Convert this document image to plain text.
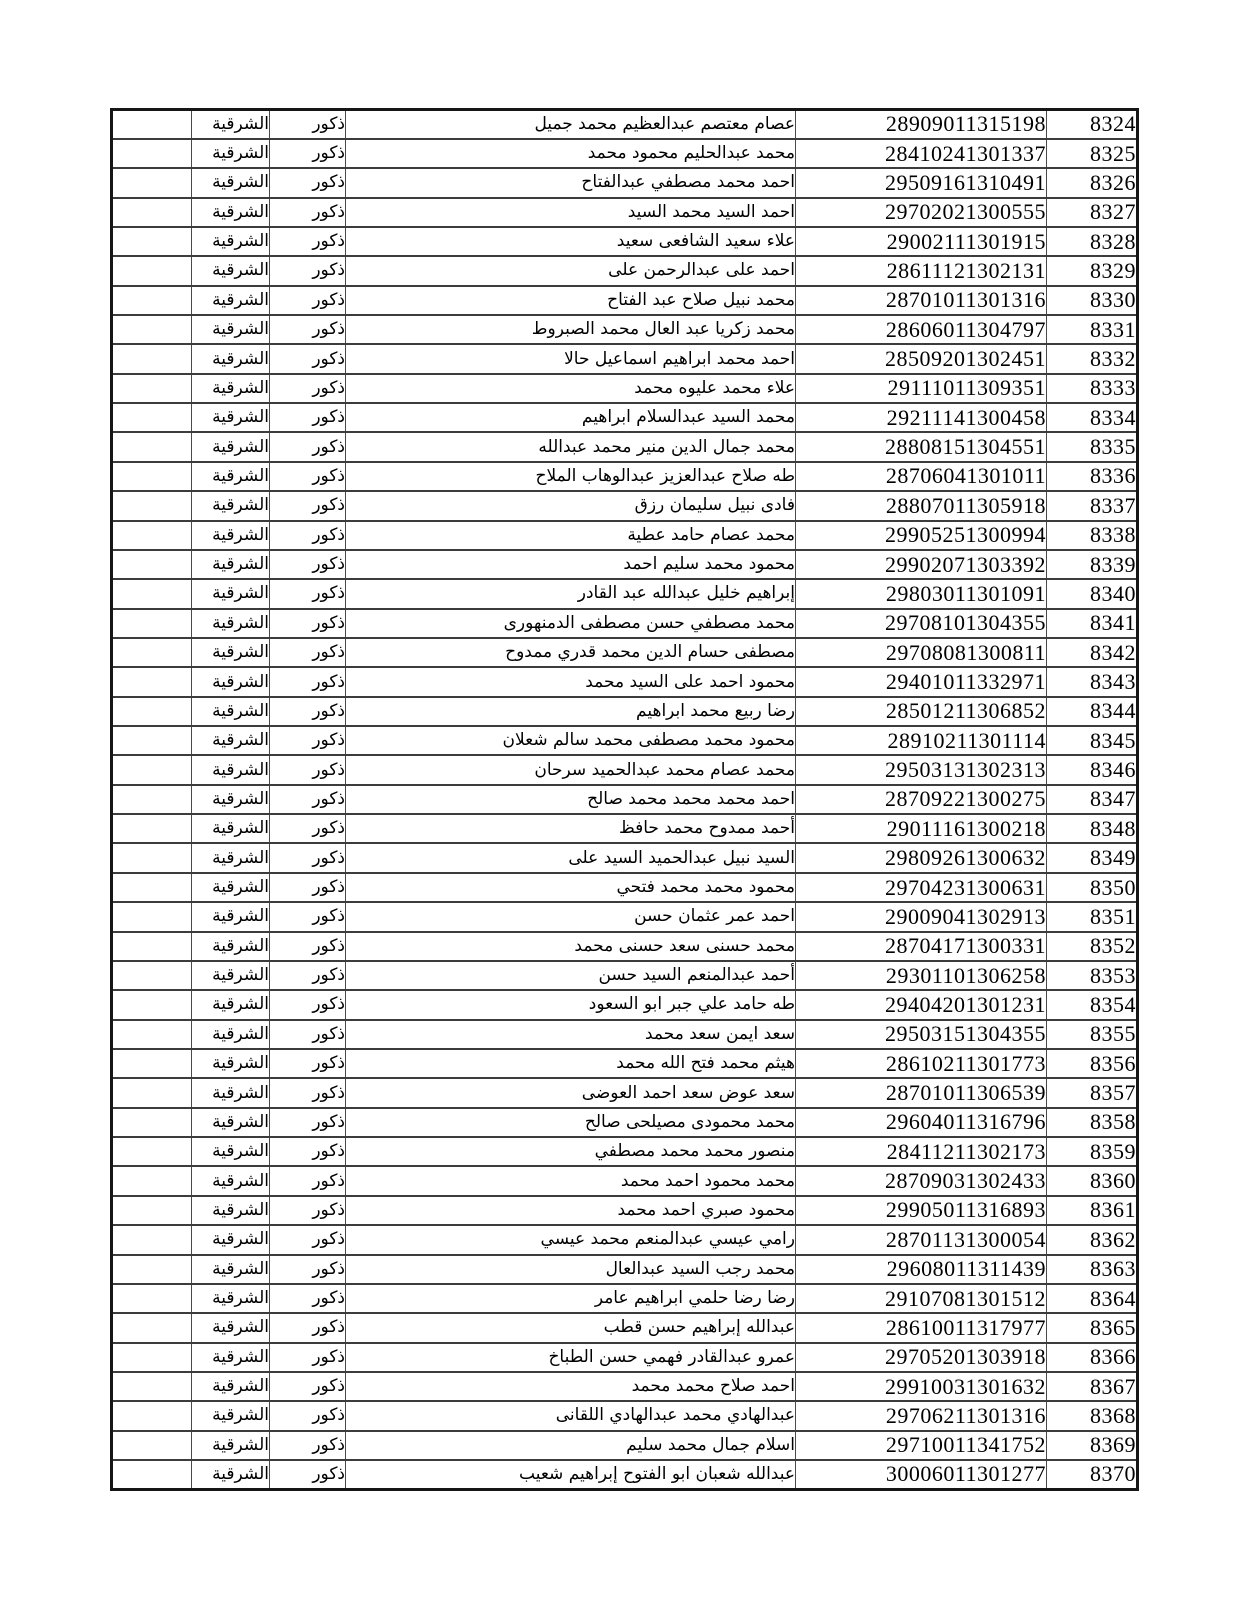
	الشرقية	ذكور	عصام معتصم عبدالعظيم محمد جميل	28909011315198	8324
	الشرقية	ذكور	محمد عبدالحليم محمود محمد	28410241301337	8325
	الشرقية	ذكور	احمد محمد مصطفي عبدالفتاح	29509161310491	8326
	الشرقية	ذكور	احمد السيد محمد السيد	29702021300555	8327
	الشرقية	ذكور	علاء سعيد الشافعى سعيد	29002111301915	8328
	الشرقية	ذكور	احمد على عبدالرحمن على	28611121302131	8329
	الشرقية	ذكور	محمد نبيل صلاح عبد الفتاح	28701011301316	8330
	الشرقية	ذكور	محمد زكريا عبد العال محمد الصبروط	28606011304797	8331
	الشرقية	ذكور	احمد محمد ابراهيم اسماعيل حالا	28509201302451	8332
	الشرقية	ذكور	علاء محمد عليوه محمد	29111011309351	8333
	الشرقية	ذكور	محمد السيد عبدالسلام ابراهيم	29211141300458	8334
	الشرقية	ذكور	محمد جمال الدين منير محمد عبدالله	28808151304551	8335
	الشرقية	ذكور	طه صلاح عبدالعزيز عبدالوهاب الملاح	28706041301011	8336
	الشرقية	ذكور	فادى نبيل سليمان رزق	28807011305918	8337
	الشرقية	ذكور	محمد عصام حامد عطية	29905251300994	8338
	الشرقية	ذكور	محمود محمد سليم احمد	29902071303392	8339
	الشرقية	ذكور	إبراهيم خليل عبدالله عبد القادر	29803011301091	8340
	الشرقية	ذكور	محمد مصطفي حسن مصطفى الدمنهورى	29708101304355	8341
	الشرقية	ذكور	مصطفى حسام الدين محمد قدري ممدوح	29708081300811	8342
	الشرقية	ذكور	محمود احمد على السيد محمد	29401011332971	8343
	الشرقية	ذكور	رضا ربيع محمد ابراهيم	28501211306852	8344
	الشرقية	ذكور	محمود محمد مصطفى محمد سالم شعلان	28910211301114	8345
	الشرقية	ذكور	محمد عصام محمد عبدالحميد سرحان	29503131302313	8346
	الشرقية	ذكور	احمد محمد محمد محمد صالح	28709221300275	8347
	الشرقية	ذكور	أحمد ممدوح محمد حافظ	29011161300218	8348
	الشرقية	ذكور	السيد نبيل عبدالحميد السيد على	29809261300632	8349
	الشرقية	ذكور	محمود محمد محمد فتحي	29704231300631	8350
	الشرقية	ذكور	احمد عمر عثمان حسن	29009041302913	8351
	الشرقية	ذكور	محمد حسنى سعد حسنى محمد	28704171300331	8352
	الشرقية	ذكور	أحمد عبدالمنعم السيد حسن	29301101306258	8353
	الشرقية	ذكور	طه حامد علي جبر ابو السعود	29404201301231	8354
	الشرقية	ذكور	سعد ايمن سعد محمد	29503151304355	8355
	الشرقية	ذكور	هيثم محمد فتح الله محمد	28610211301773	8356
	الشرقية	ذكور	سعد عوض سعد احمد العوضى	28701011306539	8357
	الشرقية	ذكور	محمد محمودى مصيلحى صالح	29604011316796	8358
	الشرقية	ذكور	منصور محمد محمد مصطفي	28411211302173	8359
	الشرقية	ذكور	محمد محمود احمد محمد	28709031302433	8360
	الشرقية	ذكور	محمود صبري احمد محمد	29905011316893	8361
	الشرقية	ذكور	رامي عيسي عبدالمنعم محمد عيسي	28701131300054	8362
	الشرقية	ذكور	محمد رجب السيد عبدالعال	29608011311439	8363
	الشرقية	ذكور	رضا رضا حلمي ابراهيم عامر	29107081301512	8364
	الشرقية	ذكور	عبدالله إبراهيم حسن قطب	28610011317977	8365
	الشرقية	ذكور	عمرو عبدالقادر فهمي حسن الطباخ	29705201303918	8366
	الشرقية	ذكور	احمد صلاح محمد محمد	29910031301632	8367
	الشرقية	ذكور	عبدالهادي محمد عبدالهادي اللقانى	29706211301316	8368
	الشرقية	ذكور	اسلام جمال محمد سليم	29710011341752	8369
	الشرقية	ذكور	عبدالله شعبان ابو الفتوح إبراهيم شعيب	30006011301277	8370
